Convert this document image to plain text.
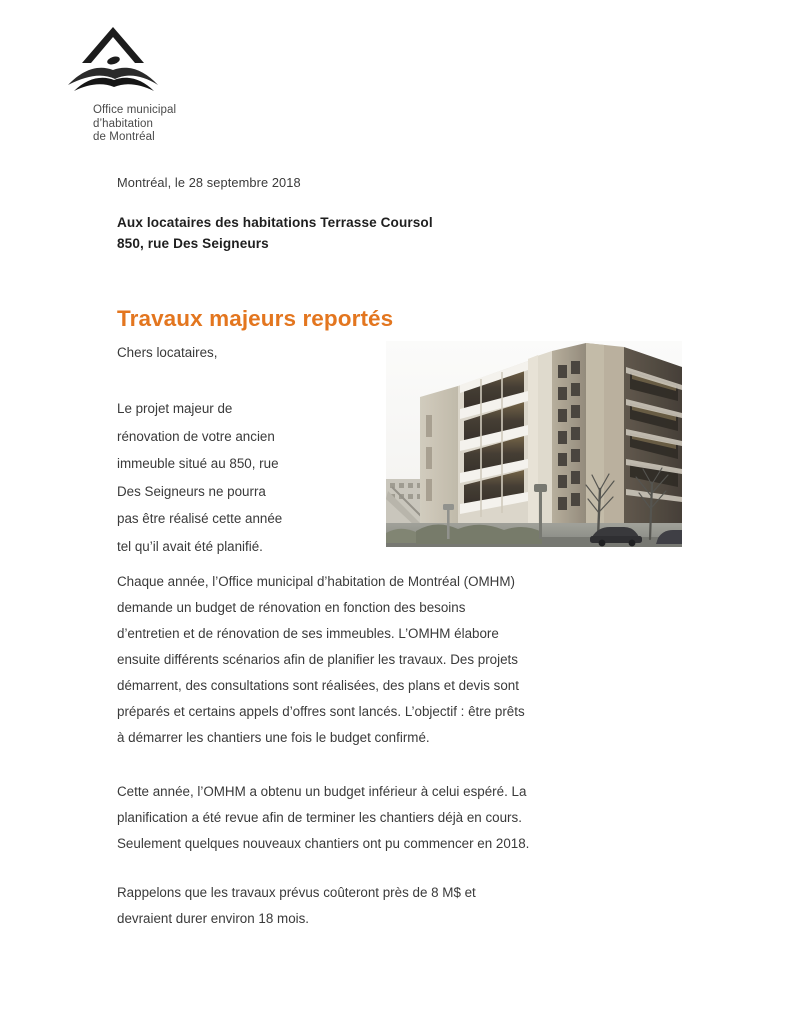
Office municipal
d’habitation
de Montréal
Montréal, le 28 septembre 2018
Aux locataires des habitations Terrasse Coursol
850, rue Des Seigneurs
Travaux majeurs reportés
Chers locataires,
Le projet majeur de
rénovation de votre ancien
immeuble situé au 850, rue
Des Seigneurs ne pourra
pas être réalisé cette année
tel qu’il avait été planifié.
Chaque année, l’Office municipal d’habitation de Montréal (OMHM)
demande un budget de rénovation en fonction des besoins
d’entretien et de rénovation de ses immeubles. L’OMHM élabore
ensuite différents scénarios afin de planifier les travaux. Des projets
démarrent, des consultations sont réalisées, des plans et devis sont
préparés et certains appels d’offres sont lancés. L’objectif : être prêts
à démarrer les chantiers une fois le budget confirmé.
Cette année, l’OMHM a obtenu un budget inférieur à celui espéré. La
planification a été revue afin de terminer les chantiers déjà en cours.
Seulement quelques nouveaux chantiers ont pu commencer en 2018.
Rappelons que les travaux prévus coûteront près de 8 M$ et
devraient durer environ 18 mois.
